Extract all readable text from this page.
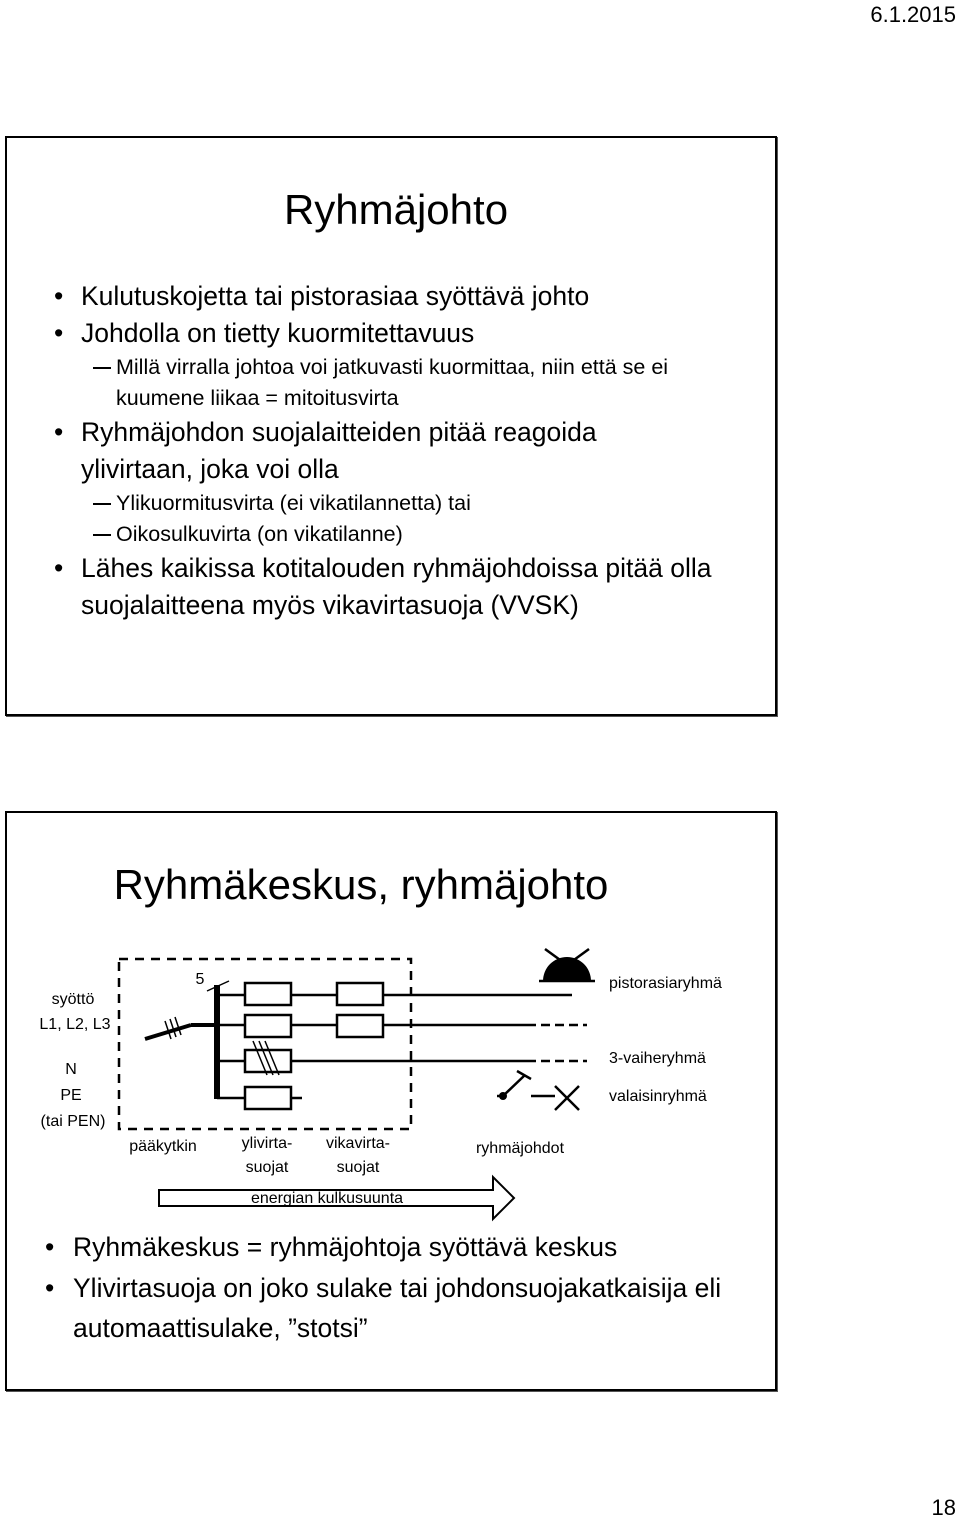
6.1.2015
Ryhmäjohto
• Kulutuskojetta tai pistorasiaa syöttävä johto
• Johdolla on tietty kuormitettavuus
Millä virralla johtoa voi jatkuvasti kuormittaa, niin että se ei kuumene liikaa = mitoitusvirta
• Ryhmäjohdon suojalaitteiden pitää reagoida ylivirtaan, joka voi olla
Ylikuormitusvirta (ei vikatilannetta) tai
Oikosulkuvirta (on vikatilanne)
• Lähes kaikissa kotitalouden ryhmäjohdoissa pitää olla suojalaitteena myös vikavirtasuoja (VVSK)
Ryhmäkeskus, ryhmäjohto
syöttö
L1, L2, L3
N
PE
(tai PEN)
5
pääkytkin	ylivirta-
suojat
vikavirta-
suojat
ryhmäjohdot
energian kulkusuunta
pistorasiaryhmä
3-vaiheryhmä
valaisinryhmä
• Ryhmäkeskus = ryhmäjohtoja syöttävä keskus
• Ylivirtasuoja on joko sulake tai johdonsuojakatkaisija eli automaattisulake, ”stotsi”
18
